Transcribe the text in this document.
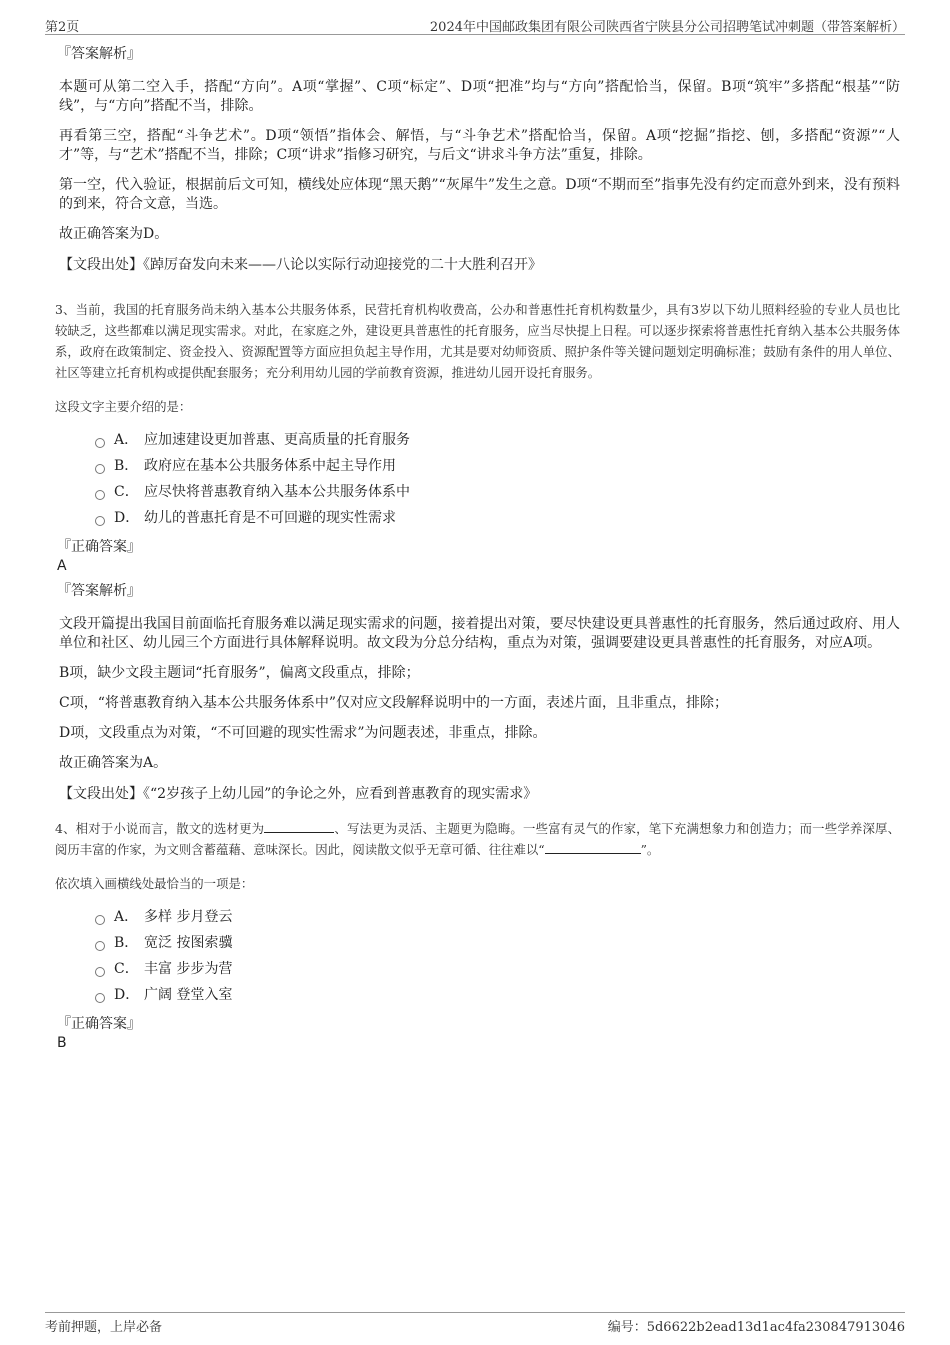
第2页	2024年中国邮政集团有限公司陕西省宁陕县分公司招聘笔试冲刺题（带答案解析）

『答案解析』

本题可从第二空入手，搭配“方向”。A项“掌握”、C项“标定”、D项“把准”均与“方向”搭配恰当，保留。B项“筑牢”多搭配“根基”“防线”，与“方向”搭配不当，排除。

再看第三空，搭配“斗争艺术”。D项“领悟”指体会、解悟，与“斗争艺术”搭配恰当，保留。A项“挖掘”指挖、刨，多搭配“资源”“人才”等，与“艺术”搭配不当，排除；C项“讲求”指修习研究，与后文“讲求斗争方法”重复，排除。

第一空，代入验证，根据前后文可知，横线处应体现“黑天鹅”“灰犀牛”发生之意。D项“不期而至”指事先没有约定而意外到来，没有预料的到来，符合文意，当选。

故正确答案为D。

【文段出处】《踔厉奋发向未来——八论以实际行动迎接党的二十大胜利召开》

3、当前，我国的托育服务尚未纳入基本公共服务体系，民营托育机构收费高，公办和普惠性托育机构数量少，具有3岁以下幼儿照料经验的专业人员也比较缺乏，这些都难以满足现实需求。对此，在家庭之外，建设更具普惠性的托育服务，应当尽快提上日程。可以逐步探索将普惠性托育纳入基本公共服务体系，政府在政策制定、资金投入、资源配置等方面应担负起主导作用，尤其是要对幼师资质、照护条件等关键问题划定明确标准；鼓励有条件的用人单位、社区等建立托育机构或提供配套服务；充分利用幼儿园的学前教育资源，推进幼儿园开设托育服务。

这段文字主要介绍的是：

A． 应加速建设更加普惠、更高质量的托育服务
B． 政府应在基本公共服务体系中起主导作用
C． 应尽快将普惠教育纳入基本公共服务体系中
D． 幼儿的普惠托育是不可回避的现实性需求

『正确答案』

A

『答案解析』

文段开篇提出我国目前面临托育服务难以满足现实需求的问题，接着提出对策，要尽快建设更具普惠性的托育服务，然后通过政府、用人单位和社区、幼儿园三个方面进行具体解释说明。故文段为分总分结构，重点为对策，强调要建设更具普惠性的托育服务，对应A项。

B项，缺少文段主题词“托育服务”，偏离文段重点，排除；

C项，“将普惠教育纳入基本公共服务体系中”仅对应文段解释说明中的一方面，表述片面，且非重点，排除；

D项，文段重点为对策，“不可回避的现实性需求”为问题表述，非重点，排除。

故正确答案为A。

【文段出处】《“2岁孩子上幼儿园”的争论之外，应看到普惠教育的现实需求》

4、相对于小说而言，散文的选材更为	、写法更为灵活、主题更为隐晦。一些富有灵气的作家，笔下充满想象力和创造力；而一些学养深厚、阅历丰富的作家，为文则含蓄蕴藉、意味深长。因此，阅读散文似乎无章可循、往往难以“	”。

依次填入画横线处最恰当的一项是：

A． 多样 步月登云
B． 宽泛 按图索骥
C． 丰富 步步为营
D． 广阔 登堂入室

『正确答案』

B

考前押题，上岸必备	编号：5d6622b2ead13d1ac4fa230847913046
